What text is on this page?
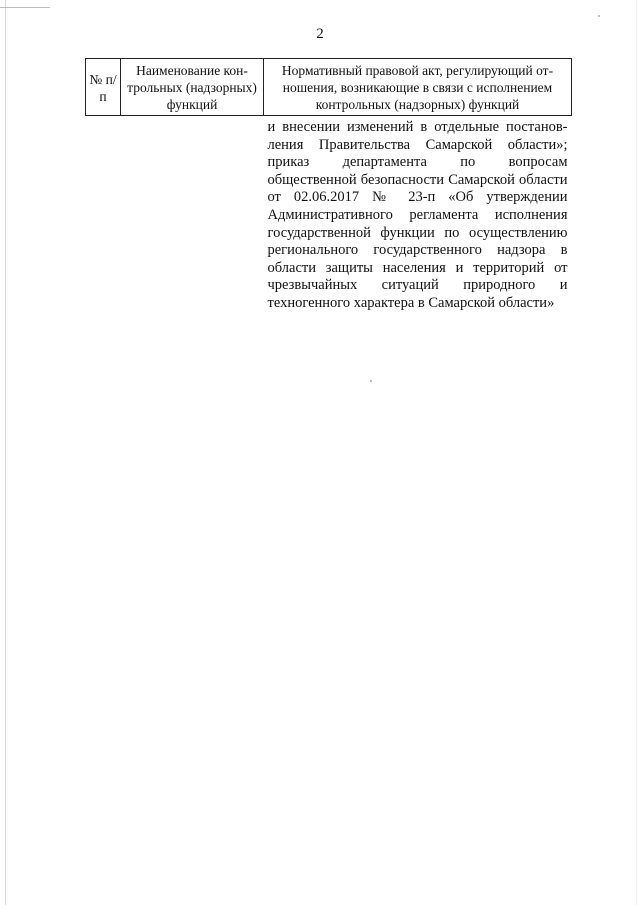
2
№ п/п	Наименование кон-трольных (надзорных) функций	Нормативный правовой акт, регулирующий от-ношения, возникающие в связи с исполнением контрольных (надзорных) функций
		и внесении изменений в отдельные постанов-ления Правительства Самарской области»; приказ департамента по вопросам общественной безопасности Самарской области от 02.06.2017 № 23-п «Об утверждении Административного регламента исполнения государственной функции по осуществлению регионального государственного надзора в области защиты населения и территорий от чрезвычайных ситуаций природного и техногенного характера в Самарской области»
